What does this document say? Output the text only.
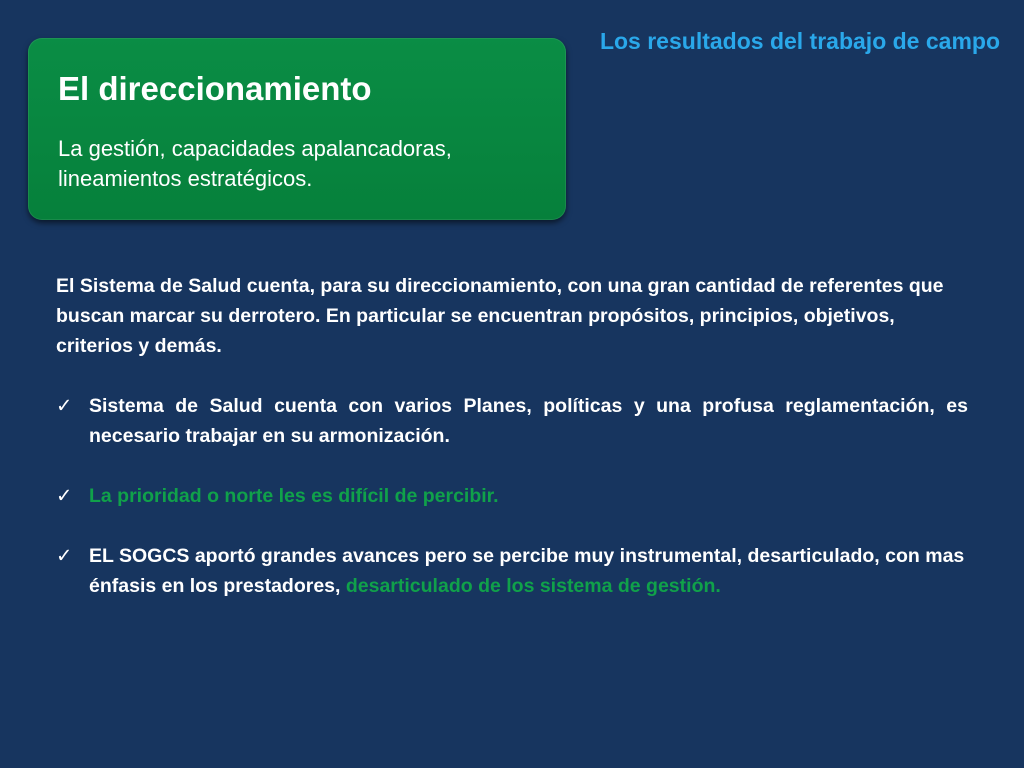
Los resultados del trabajo de campo
El direccionamiento
La gestión, capacidades apalancadoras, lineamientos estratégicos.

El Sistema de Salud cuenta, para su direccionamiento, con una gran cantidad de referentes que buscan marcar su derrotero. En particular se encuentran propósitos, principios, objetivos, criterios y demás.

✓ Sistema de Salud cuenta con varios Planes, políticas y una profusa reglamentación, es necesario trabajar en su armonización.
✓ La prioridad o norte les es difícil de percibir.
✓ EL SOGCS aportó grandes avances pero se percibe muy instrumental, desarticulado, con mas énfasis en los prestadores, desarticulado de los sistema de gestión.
